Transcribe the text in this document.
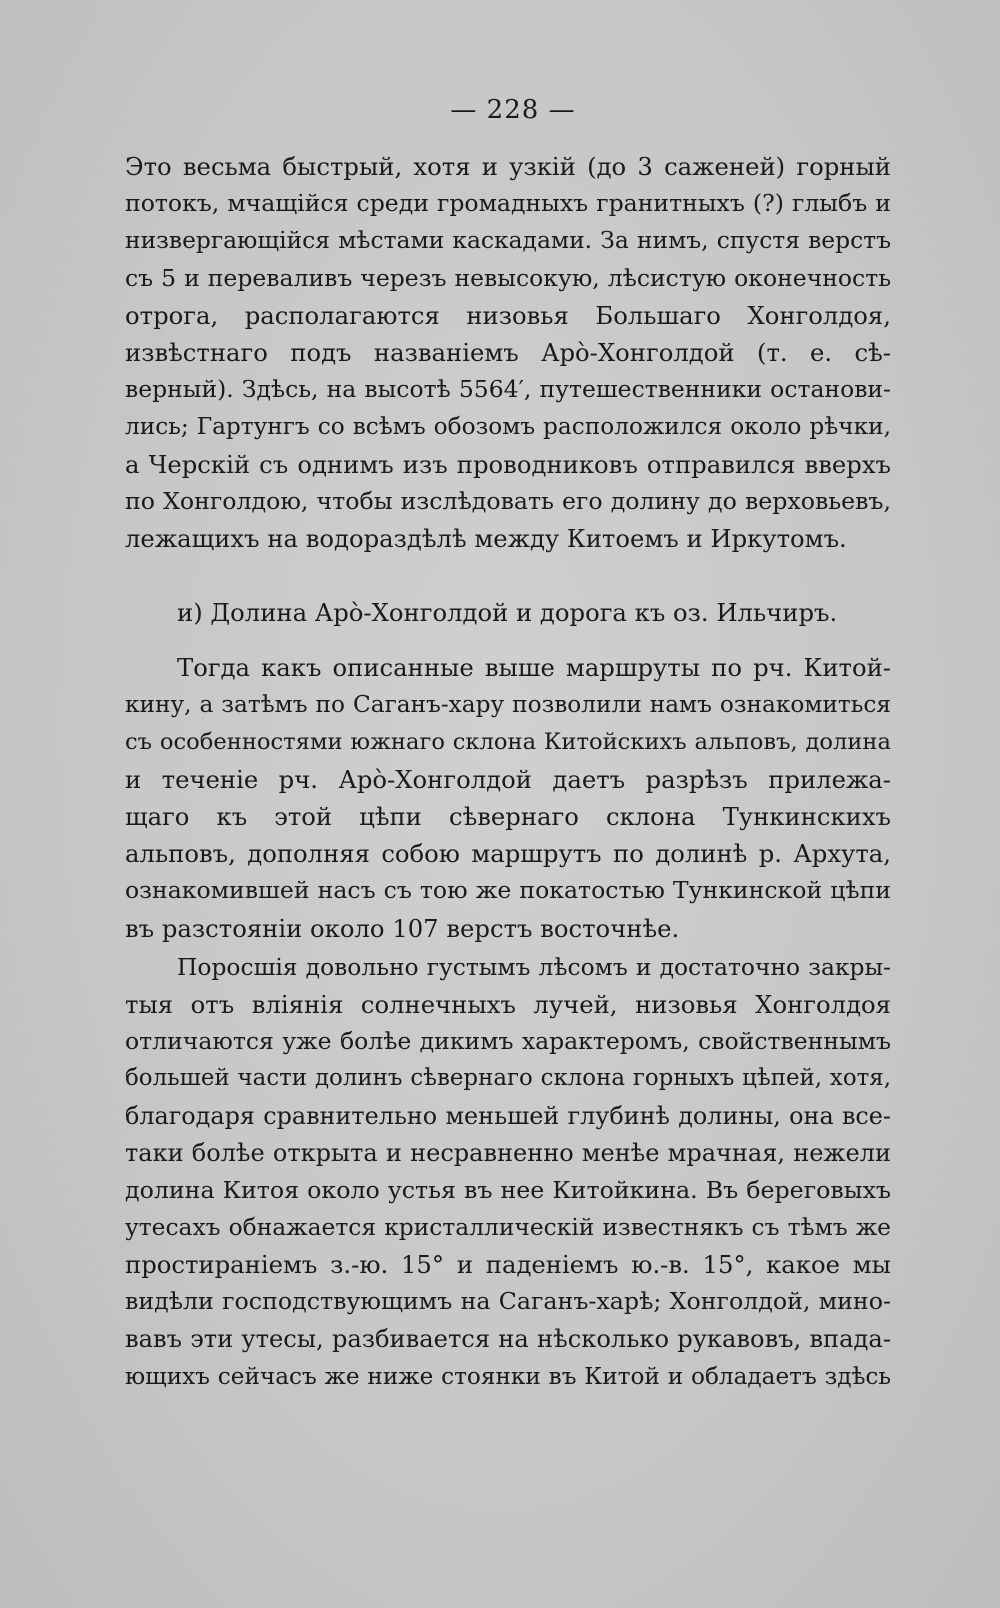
— 228 —
Это весьма быстрый, хотя и узкій (до 3 саженей) горный
потокъ, мчащійся среди громадныхъ гранитныхъ (?) глыбъ и
низвергающійся мѣстами каскадами. За нимъ, спустя верстъ
съ 5 и переваливъ черезъ невысокую, лѣсистую оконечность
отрога, располагаются низовья Большаго Хонголдоя,
извѣстнаго подъ названіемъ Аро̀-Хонголдой (т. е. сѣ-
верный). Здѣсь, на высотѣ 5564′, путешественники останови-
лись; Гартунгъ со всѣмъ обозомъ расположился около рѣчки,
а Черскій съ однимъ изъ проводниковъ отправился вверхъ
по Хонголдою, чтобы изслѣдовать его долину до верховьевъ,
лежащихъ на водораздѣлѣ между Китоемъ и Иркутомъ.
и) Долина Аро̀-Хонголдой и дорога къ оз. Ильчиръ.
Тогда какъ описанные выше маршруты по рч. Китой-
кину, а затѣмъ по Саганъ-хару позволили намъ ознакомиться
съ особенностями южнаго склона Китойскихъ альповъ, долина
и теченіе рч. Аро̀-Хонголдой даетъ разрѣзъ прилежа-
щаго къ этой цѣпи сѣвернаго склона Тункинскихъ
альповъ, дополняя собою маршрутъ по долинѣ р. Архута,
ознакомившей насъ съ тою же покатостью Тункинской цѣпи
въ разстояніи около 107 верстъ восточнѣе.
Поросшія довольно густымъ лѣсомъ и достаточно закры-
тыя отъ вліянія солнечныхъ лучей, низовья Хонголдоя
отличаются уже болѣе дикимъ характеромъ, свойственнымъ
большей части долинъ сѣвернаго склона горныхъ цѣпей, хотя,
благодаря сравнительно меньшей глубинѣ долины, она все-
таки болѣе открыта и несравненно менѣе мрачная, нежели
долина Китоя около устья въ нее Китойкина. Въ береговыхъ
утесахъ обнажается кристаллическій известнякъ съ тѣмъ же
простираніемъ з.-ю. 15° и паденіемъ ю.-в. 15°, какое мы
видѣли господствующимъ на Саганъ-харѣ; Хонголдой, мино-
вавъ эти утесы, разбивается на нѣсколько рукавовъ, впада-
ющихъ сейчасъ же ниже стоянки въ Китой и обладаетъ здѣсь
